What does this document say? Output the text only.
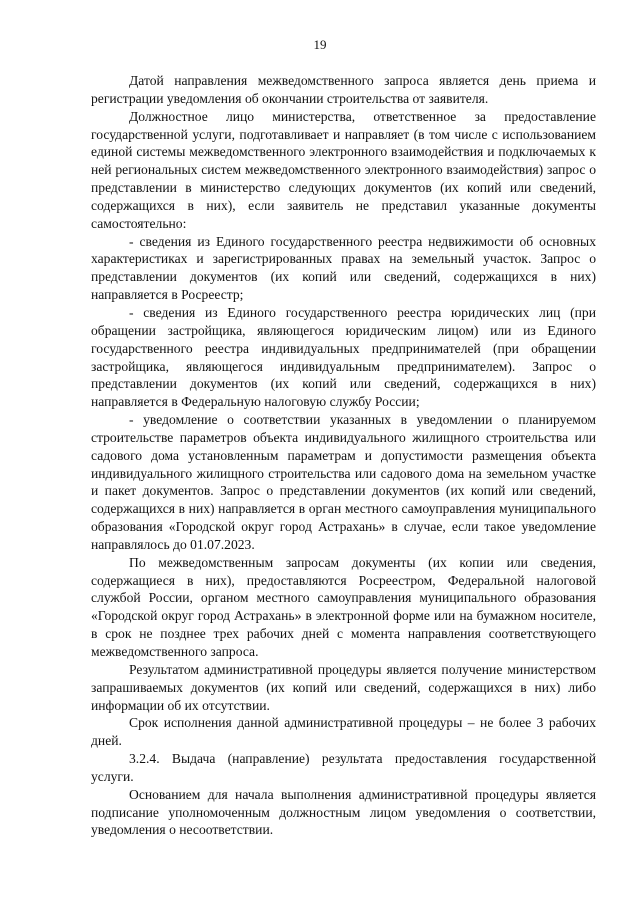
19

Датой направления межведомственного запроса является день приема и регистрации уведомления об окончании строительства от заявителя.

Должностное лицо министерства, ответственное за предоставление государственной услуги, подготавливает и направляет (в том числе с использованием единой системы межведомственного электронного взаимодействия и подключаемых к ней региональных систем межведомственного электронного взаимодействия) запрос о представлении в министерство следующих документов (их копий или сведений, содержащихся в них), если заявитель не представил указанные документы самостоятельно:

- сведения из Единого государственного реестра недвижимости об основных характеристиках и зарегистрированных правах на земельный участок. Запрос о представлении документов (их копий или сведений, содержащихся в них) направляется в Росреестр;

- сведения из Единого государственного реестра юридических лиц (при обращении застройщика, являющегося юридическим лицом) или из Единого государственного реестра индивидуальных предпринимателей (при обращении застройщика, являющегося индивидуальным предпринимателем). Запрос о представлении документов (их копий или сведений, содержащихся в них) направляется в Федеральную налоговую службу России;

- уведомление о соответствии указанных в уведомлении о планируемом строительстве параметров объекта индивидуального жилищного строительства или садового дома установленным параметрам и допустимости размещения объекта индивидуального жилищного строительства или садового дома на земельном участке и пакет документов. Запрос о представлении документов (их копий или сведений, содержащихся в них) направляется в орган местного самоуправления муниципального образования «Городской округ город Астрахань» в случае, если такое уведомление направлялось до 01.07.2023.

По межведомственным запросам документы (их копии или сведения, содержащиеся в них), предоставляются Росреестром, Федеральной налоговой службой России, органом местного самоуправления муниципального образования «Городской округ город Астрахань» в электронной форме или на бумажном носителе, в срок не позднее трех рабочих дней с момента направления соответствующего межведомственного запроса.

Результатом административной процедуры является получение министерством запрашиваемых документов (их копий или сведений, содержащихся в них) либо информации об их отсутствии.

Срок исполнения данной административной процедуры – не более 3 рабочих дней.

3.2.4. Выдача (направление) результата предоставления государственной услуги.

Основанием для начала выполнения административной процедуры является подписание уполномоченным должностным лицом уведомления о соответствии, уведомления о несоответствии.
